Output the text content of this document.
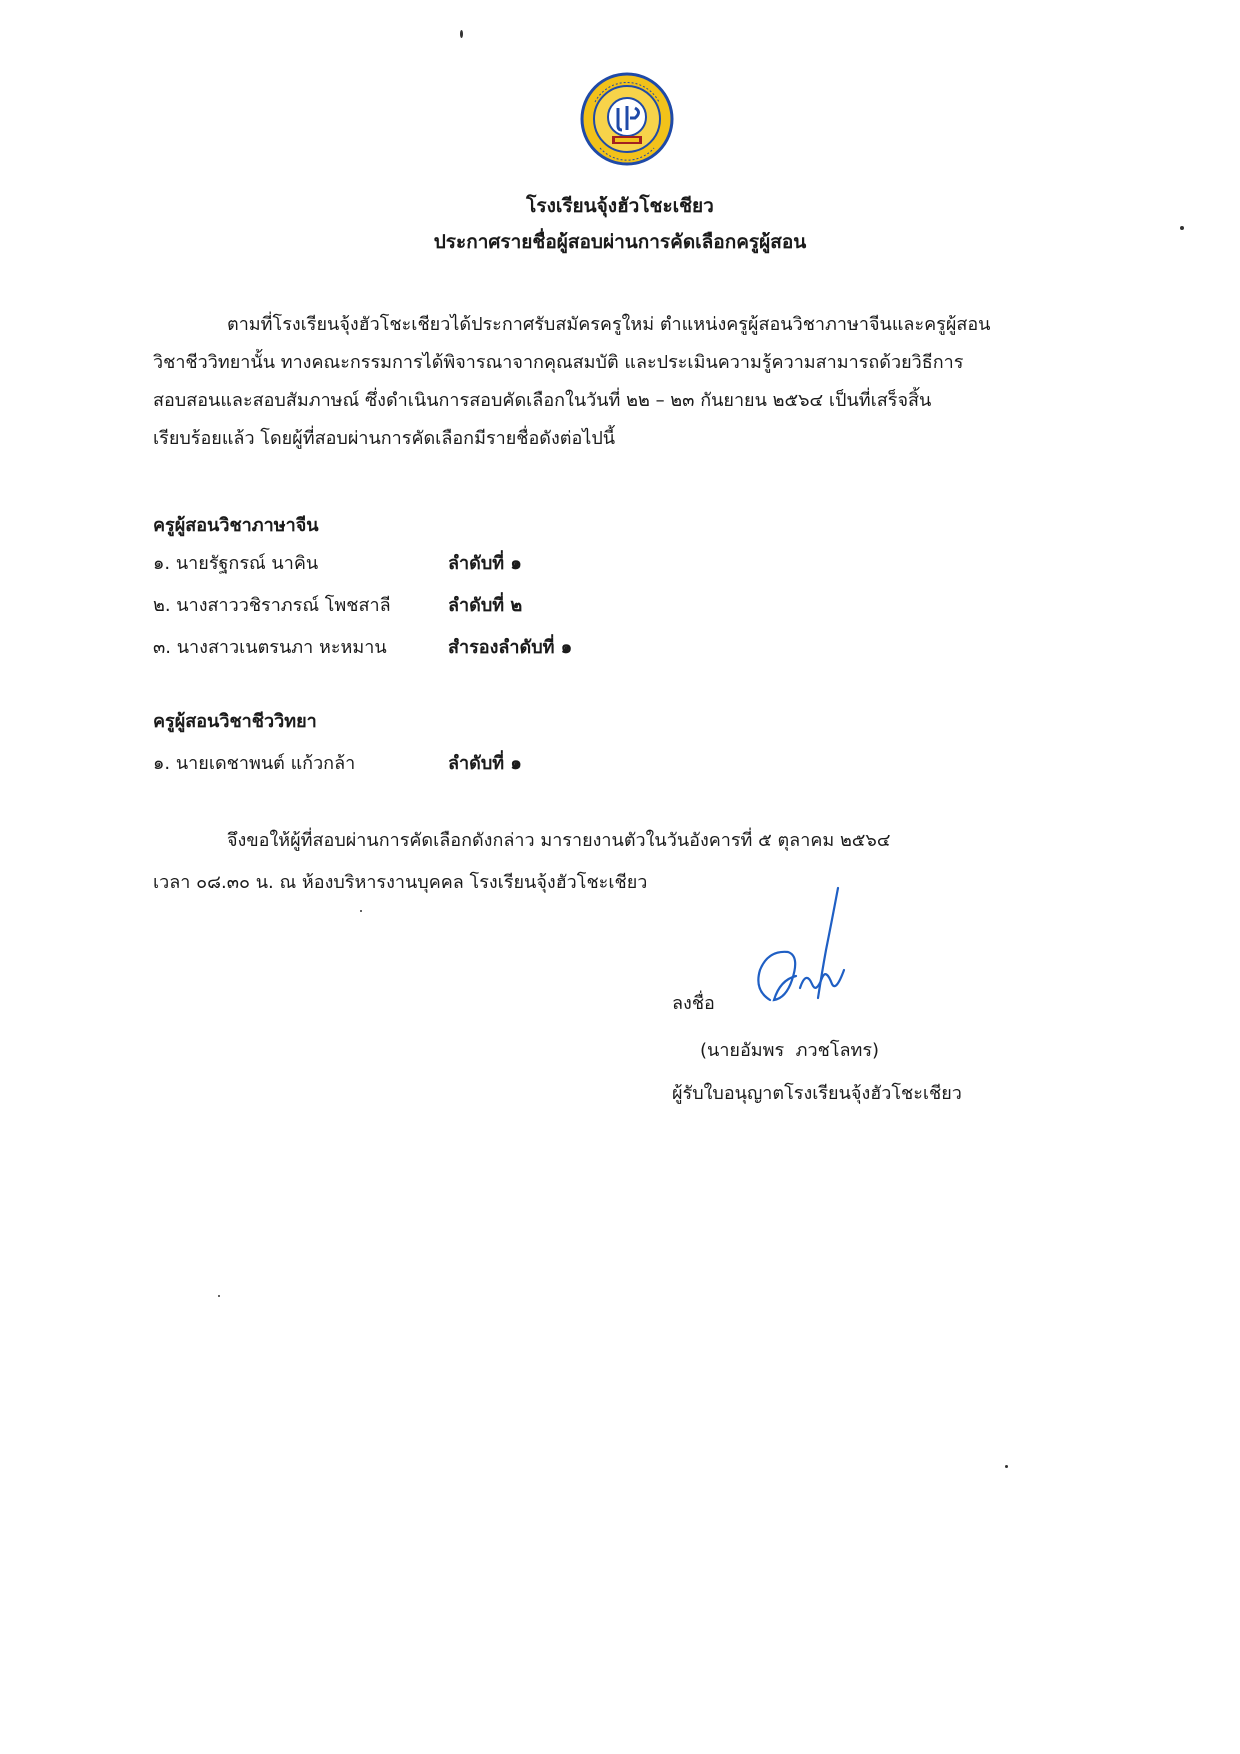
โรงเรียนจุ้งฮัวโชะเชียว
ประกาศรายชื่อผู้สอบผ่านการคัดเลือกครูผู้สอน
ตามที่โรงเรียนจุ้งฮัวโชะเชียวได้ประกาศรับสมัครครูใหม่ ตำแหน่งครูผู้สอนวิชาภาษาจีนและครูผู้สอน
วิชาชีววิทยานั้น ทางคณะกรรมการได้พิจารณาจากคุณสมบัติ และประเมินความรู้ความสามารถด้วยวิธีการ
สอบสอนและสอบสัมภาษณ์ ซึ่งดำเนินการสอบคัดเลือกในวันที่ ๒๒ – ๒๓ กันยายน ๒๕๖๔ เป็นที่เสร็จสิ้น
เรียบร้อยแล้ว โดยผู้ที่สอบผ่านการคัดเลือกมีรายชื่อดังต่อไปนี้
ครูผู้สอนวิชาภาษาจีน
๑. นายรัฐกรณ์ นาคิน	ลำดับที่ ๑
๒. นางสาววชิราภรณ์ โพชสาลี	ลำดับที่ ๒
๓. นางสาวเนตรนภา หะหมาน	สำรองลำดับที่ ๑
ครูผู้สอนวิชาชีววิทยา
๑. นายเดชาพนต์ แก้วกล้า	ลำดับที่ ๑
จึงขอให้ผู้ที่สอบผ่านการคัดเลือกดังกล่าว มารายงานตัวในวันอังคารที่ ๕ ตุลาคม ๒๕๖๔
เวลา ๐๘.๓๐ น. ณ ห้องบริหารงานบุคคล โรงเรียนจุ้งฮัวโชะเชียว
ลงชื่อ
(นายอัมพร  ภวชโลทร)
ผู้รับใบอนุญาตโรงเรียนจุ้งฮัวโชะเชียว
